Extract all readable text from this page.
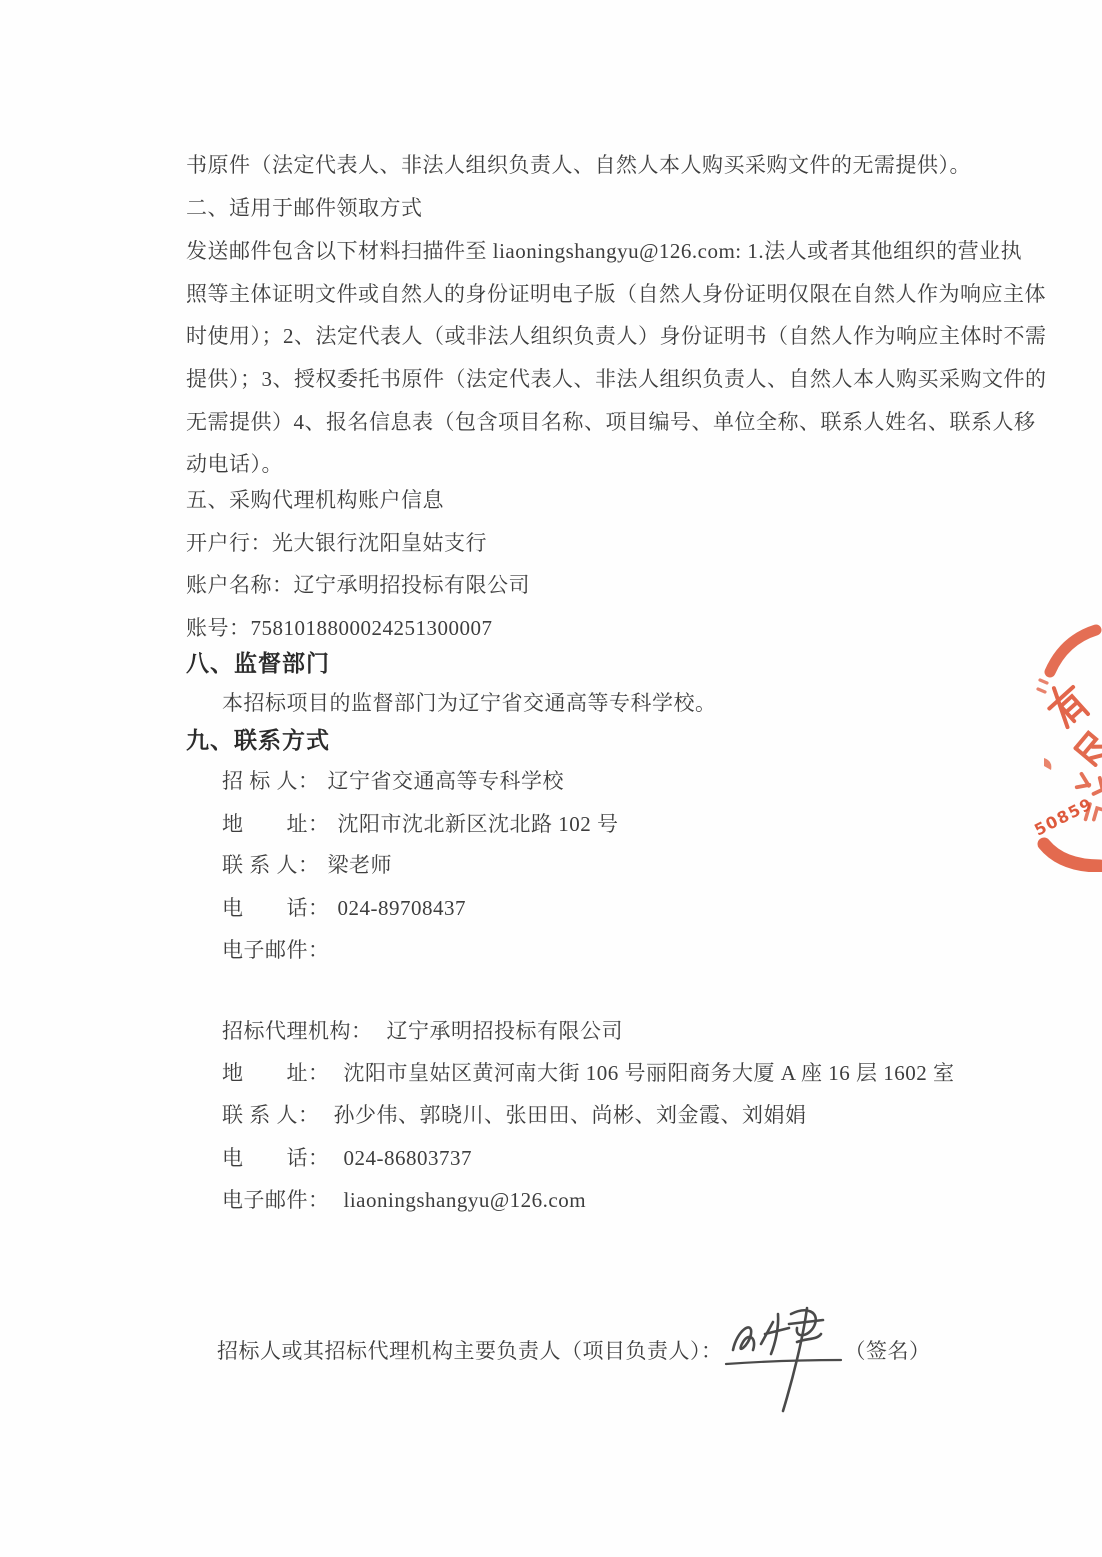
书原件（法定代表人、非法人组织负责人、自然人本人购买采购文件的无需提供）。
二、适用于邮件领取方式
发送邮件包含以下材料扫描件至 liaoningshangyu@126.com: 1.法人或者其他组织的营业执
照等主体证明文件或自然人的身份证明电子版（自然人身份证明仅限在自然人作为响应主体
时使用）；2、法定代表人（或非法人组织负责人）身份证明书（自然人作为响应主体时不需
提供）；3、授权委托书原件（法定代表人、非法人组织负责人、自然人本人购买采购文件的
无需提供）4、报名信息表（包含项目名称、项目编号、单位全称、联系人姓名、联系人移
动电话）。
五、采购代理机构账户信息
开户行：光大银行沈阳皇姑支行
账户名称：辽宁承明招投标有限公司
账号：7581018800024251300007
八、监督部门
本招标项目的监督部门为辽宁省交通高等专科学校。
九、联系方式
招 标 人： 辽宁省交通高等专科学校
地　　址： 沈阳市沈北新区沈北路 102 号
联 系 人： 梁老师
电　　话： 024-89708437
电子邮件：
招标代理机构： 辽宁承明招投标有限公司
地　　址： 沈阳市皇姑区黄河南大街 106 号丽阳商务大厦 A 座 16 层 1602 室
联 系 人： 孙少伟、郭晓川、张田田、尚彬、刘金霞、刘娟娟
电　　话： 024-86803737
电子邮件： liaoningshangyu@126.com
招标人或其招标代理机构主要负责人（项目负责人）：	（签名）
50859
